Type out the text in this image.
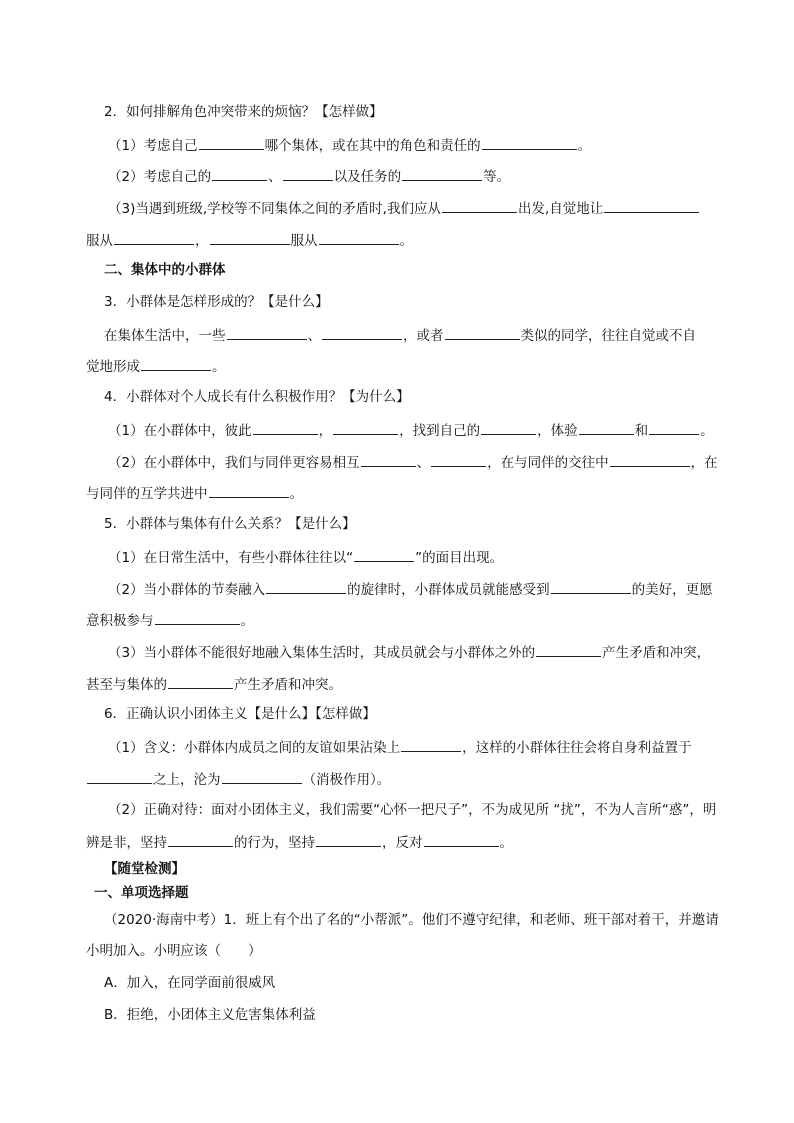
2．如何排解角色冲突带来的烦恼？【怎样做】
（1）考虑自己	哪个集体，或在其中的角色和责任的	。
（2）考虑自己的	、	以及任务的	等。
（3)当遇到班级,学校等不同集体之间的矛盾时,我们应从	出发,自觉地让
服从	，	服从	。
二、集体中的小群体
3．小群体是怎样形成的？【是什么】
在集体生活中，一些	、	，或者	类似的同学，往往自觉或不自
觉地形成	。
4．小群体对个人成长有什么积极作用？【为什么】
（1）在小群体中，彼此	，	，找到自己的	，体验	和	。
（2）在小群体中，我们与同伴更容易相互	、	，在与同伴的交往中	，在
与同伴的互学共进中	。
5．小群体与集体有什么关系？【是什么】
（1）在日常生活中，有些小群体往往以“	”的面目出现。
（2）当小群体的节奏融入	的旋律时，小群体成员就能感受到	的美好，更愿
意积极参与	。
（3）当小群体不能很好地融入集体生活时，其成员就会与小群体之外的	产生矛盾和冲突，
甚至与集体的	产生矛盾和冲突。
6．正确认识小团体主义【是什么】【怎样做】
（1）含义：小群体内成员之间的友谊如果沾染上	，这样的小群体往往会将自身利益置于
之上，沦为	（消极作用）。
（2）正确对待：面对小团体主义，我们需要“心怀一把尺子”，不为成见所 “扰”，不为人言所“惑”，明
辨是非，坚持	的行为，坚持	，反对	。
【随堂检测】
一、单项选择题
（2020·海南中考）1．班上有个出了名的“小帮派”。他们不遵守纪律，和老师、班干部对着干，并邀请
小明加入。小明应该（　　）
A．加入，在同学面前很威风
B．拒绝，小团体主义危害集体利益
